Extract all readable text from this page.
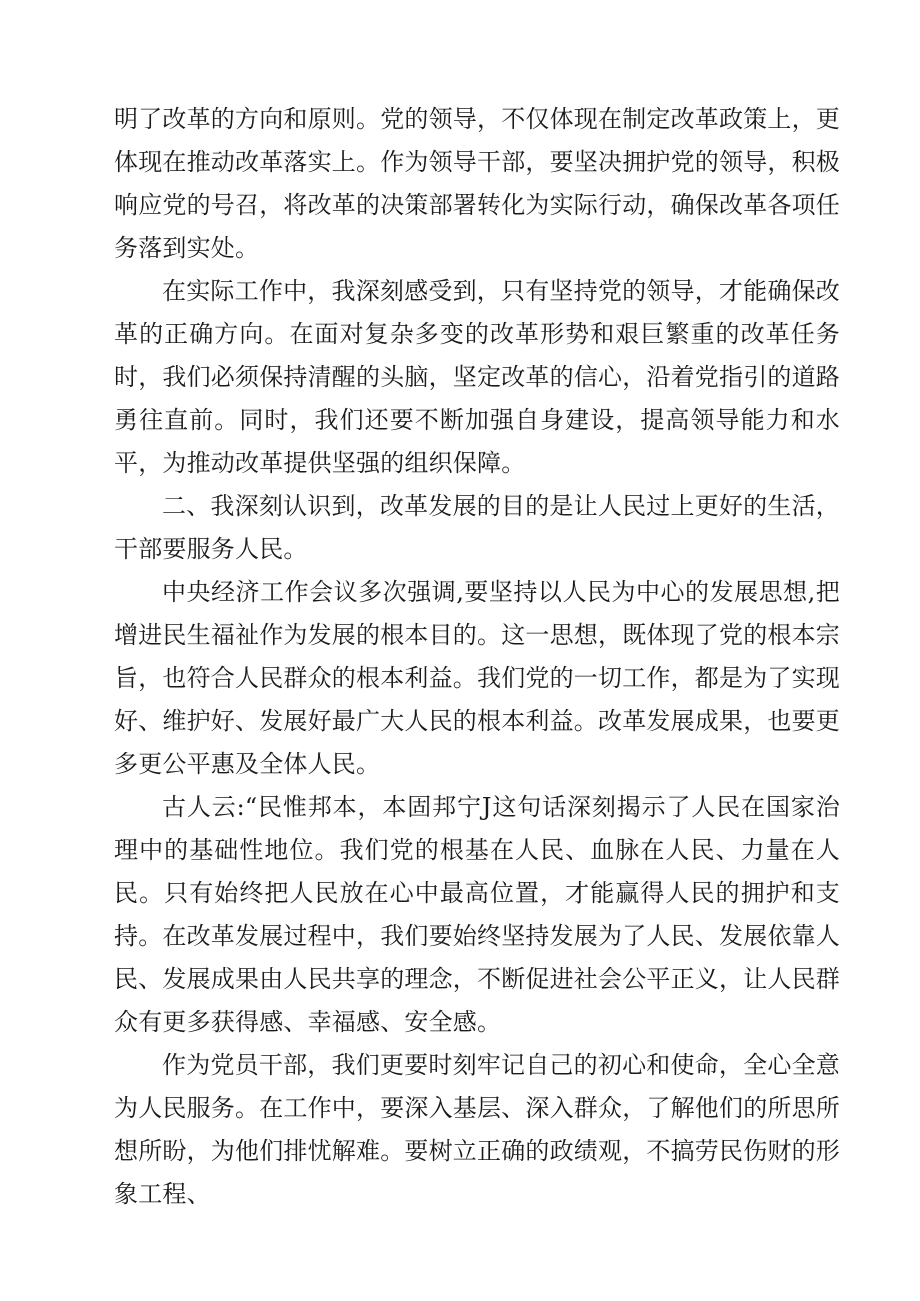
明了改革的方向和原则。党的领导，不仅体现在制定改革政策上，更体现在推动改革落实上。作为领导干部，要坚决拥护党的领导，积极响应党的号召，将改革的决策部署转化为实际行动，确保改革各项任务落到实处。

在实际工作中，我深刻感受到，只有坚持党的领导，才能确保改革的正确方向。在面对复杂多变的改革形势和艰巨繁重的改革任务时，我们必须保持清醒的头脑，坚定改革的信心，沿着党指引的道路勇往直前。同时，我们还要不断加强自身建设，提高领导能力和水平，为推动改革提供坚强的组织保障。

二、我深刻认识到，改革发展的目的是让人民过上更好的生活，干部要服务人民。

中央经济工作会议多次强调,要坚持以人民为中心的发展思想,把增进民生福祉作为发展的根本目的。这一思想，既体现了党的根本宗旨，也符合人民群众的根本利益。我们党的一切工作，都是为了实现好、维护好、发展好最广大人民的根本利益。改革发展成果，也要更多更公平惠及全体人民。

古人云:“民惟邦本，本固邦宁J这句话深刻揭示了人民在国家治理中的基础性地位。我们党的根基在人民、血脉在人民、力量在人民。只有始终把人民放在心中最高位置，才能赢得人民的拥护和支持。在改革发展过程中，我们要始终坚持发展为了人民、发展依靠人民、发展成果由人民共享的理念，不断促进社会公平正义，让人民群众有更多获得感、幸福感、安全感。

作为党员干部，我们更要时刻牢记自己的初心和使命，全心全意为人民服务。在工作中，要深入基层、深入群众，了解他们的所思所想所盼，为他们排忧解难。要树立正确的政绩观，不搞劳民伤财的形象工程、
